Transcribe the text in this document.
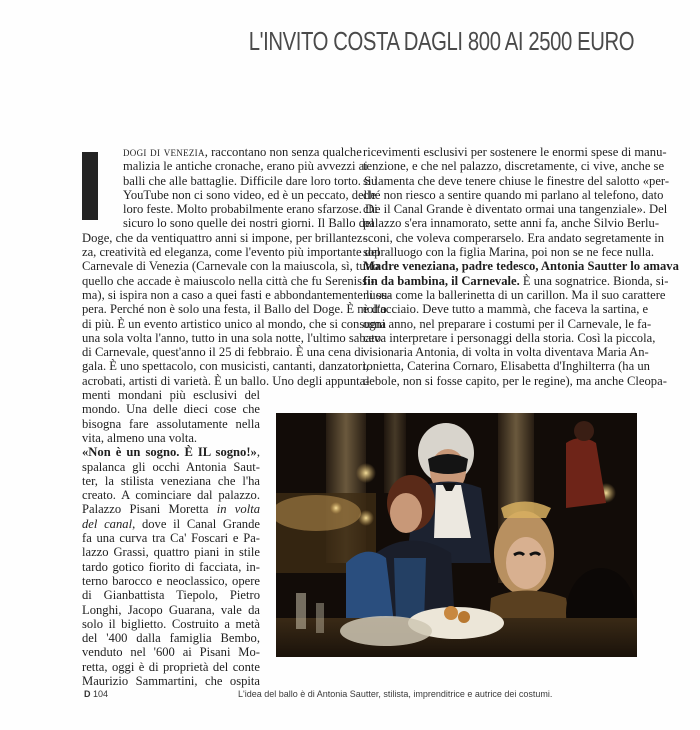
L'INVITO COSTA DAGLI 800 AI 2500 EURO
dogi di venezia, raccontano non senza qualche
malizia le antiche cronache, erano più avvezzi ai
balli che alle battaglie. Difficile dare loro torto. Su
YouTube non ci sono video, ed è un peccato, delle
loro feste. Molto probabilmente erano sfarzose. Di
sicuro lo sono quelle dei nostri giorni. Il Ballo del
Doge, che da ventiquattro anni si impone, per brillantez-
za, creatività ed eleganza, come l'evento più importante del
Carnevale di Venezia (Carnevale con la maiuscola, sì, tutto
quello che accade è maiuscolo nella città che fu Serenissi-
ma), si ispira non a caso a quei fasti e abbondantemente li su-
pera. Perché non è solo una festa, il Ballo del Doge. È molto
di più. È un evento artistico unico al mondo, che si consuma
una sola volta l'anno, tutto in una sola notte, l'ultimo sabato
di Carnevale, quest'anno il 25 di febbraio. È una cena di
gala. È uno spettacolo, con musicisti, cantanti, danzatori,
acrobati, artisti di varietà. È un ballo. Uno degli appunta-
menti mondani più esclusivi del
mondo. Una delle dieci cose che
bisogna fare assolutamente nella
vita, almeno una volta.
«Non è un sogno. È IL sogno!»,
spalanca gli occhi Antonia Saut-
ter, la stilista veneziana che l'ha
creato. A cominciare dal palazzo.
Palazzo Pisani Moretta in volta
del canal, dove il Canal Grande
fa una curva tra Ca' Foscari e Pa-
lazzo Grassi, quattro piani in stile
tardo gotico fiorito di facciata, in-
terno barocco e neoclassico, opere
di Gianbattista Tiepolo, Pietro
Longhi, Jacopo Guarana, vale da
solo il biglietto. Costruito a metà
del '400 dalla famiglia Bembo,
venduto nel '600 ai Pisani Mo-
retta, oggi è di proprietà del conte
Maurizio Sammartini, che ospita
ricevimenti esclusivi per sostenere le enormi spese di manu-
tenzione, e che nel palazzo, discretamente, ci vive, anche se
si lamenta che deve tenere chiuse le finestre del salotto «per-
ché non riesco a sentire quando mi parlano al telefono, dato
che il Canal Grande è diventato ormai una tangenziale». Del
palazzo s'era innamorato, sette anni fa, anche Silvio Berlu-
sconi, che voleva comperarselo. Era andato segretamente in
sopralluogo con la figlia Marina, poi non se ne fece nulla.
Madre veneziana, padre tedesco, Antonia Sautter lo amava
fin da bambina, il Carnevale. È una sognatrice. Bionda, si-
nuosa come la ballerinetta di un carillon. Ma il suo carattere
è d'acciaio. Deve tutto a mammà, che faceva la sartina, e
ogni anno, nel preparare i costumi per il Carnevale, le fa-
ceva interpretare i personaggi della storia. Così la piccola,
visionaria Antonia, di volta in volta diventava Maria An-
tonietta, Caterina Cornaro, Elisabetta d'Inghilterra (ha un
debole, non si fosse capito, per le regine), ma anche Cleopa-
D 104	L'idea del ballo è di Antonia Sautter, stilista, imprenditrice e autrice dei costumi.
